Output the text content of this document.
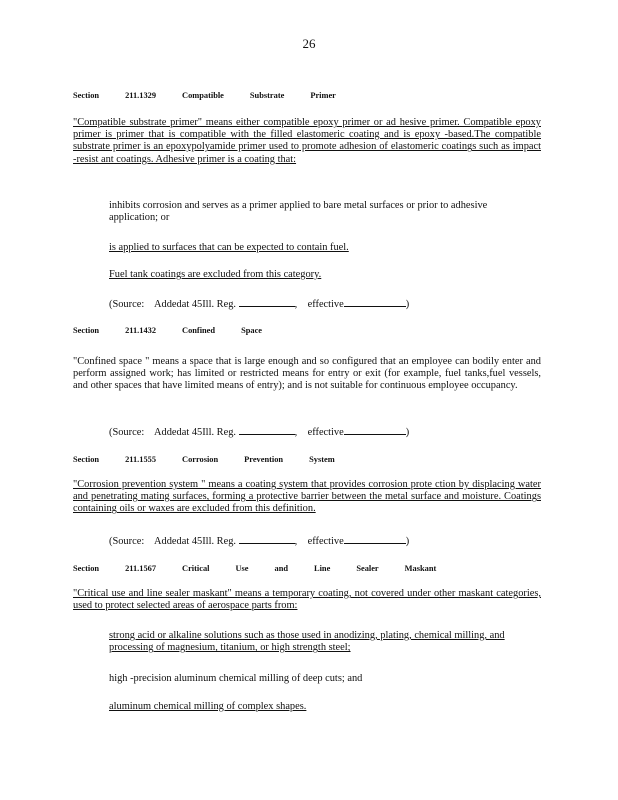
26
Section	211.1329	Compatible	Substrate	Primer
"Compatible substrate primer" means either compatible epoxy primer or ad hesive primer. Compatible epoxy primer is primer that is compatible with the filled elastomeric coating and is epoxy -based.The compatible substrate primer is an epoxypolyamide primer used to promote adhesion of elastomeric coatings such as impact -resist ant coatings. Adhesive primer is a coating that:
inhibits corrosion and serves as a primer applied to bare metal surfaces or prior to adhesive application; or
is applied to surfaces that can be expected to contain fuel.
Fuel tank coatings are excluded from this category.
(Source: Addedat 45Ill. Reg.	, effective	)
Section	211.1432	Confined	Space
"Confined space " means a space that is large enough and so configured that an employee can bodily enter and perform assigned work; has limited or restricted means for entry or exit (for example, fuel tanks,fuel vessels, and other spaces that have limited means of entry); and is not suitable for continuous employee occupancy.
(Source: Addedat 45Ill. Reg.	, effective	)
Section	211.1555	Corrosion	Prevention	System
"Corrosion prevention system " means a coating system that provides corrosion prote ction by displacing water and penetrating mating surfaces, forming a protective barrier between the metal surface and moisture. Coatings containing oils or waxes are excluded from this definition.
(Source: Addedat 45Ill. Reg.	, effective	)
Section	211.1567	Critical	Use	and	Line	Sealer	Maskant
"Critical use and line sealer maskant" means a temporary coating, not covered under other maskant categories, used to protect selected areas of aerospace parts from:
strong acid or alkaline solutions such as those used in anodizing, plating, chemical milling, and processing of magnesium, titanium, or high strength steel;
high -precision aluminum chemical milling of deep cuts; and
aluminum chemical milling of complex shapes.
